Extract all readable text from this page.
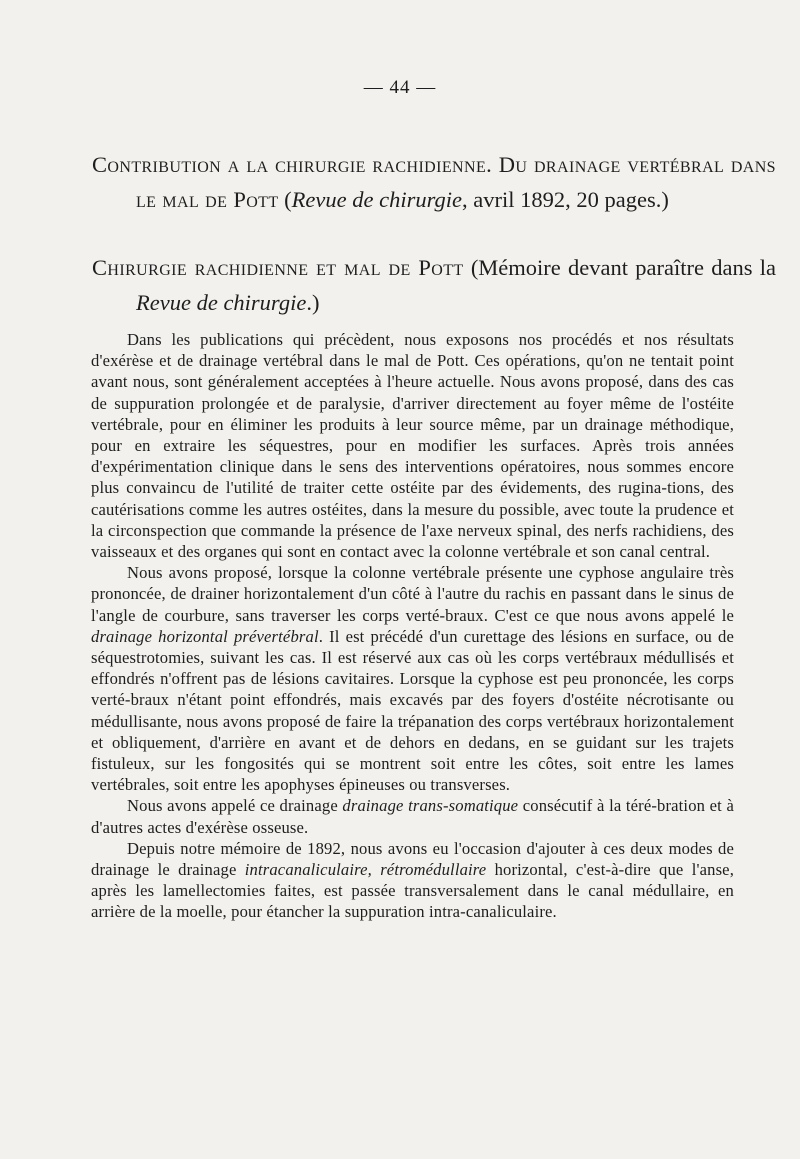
— 44 —
Contribution a la chirurgie rachidienne. Du drainage vertébral dans le mal de Pott (Revue de chirurgie, avril 1892, 20 pages.)
Chirurgie rachidienne et mal de Pott (Mémoire devant paraître dans la Revue de chirurgie.)

Dans les publications qui précèdent, nous exposons nos procédés et nos résultats d'exérèse et de drainage vertébral dans le mal de Pott. Ces opérations, qu'on ne tentait point avant nous, sont généralement acceptées à l'heure actuelle. Nous avons proposé, dans des cas de suppuration prolongée et de paralysie, d'arriver directement au foyer même de l'ostéite vertébrale, pour en éliminer les produits à leur source même, par un drainage méthodique, pour en extraire les séquestres, pour en modifier les surfaces. Après trois années d'expérimentation clinique dans le sens des interventions opératoires, nous sommes encore plus convaincu de l'utilité de traiter cette ostéite par des évidements, des rugina-tions, des cautérisations comme les autres ostéites, dans la mesure du possible, avec toute la prudence et la circonspection que commande la présence de l'axe nerveux spinal, des nerfs rachidiens, des vaisseaux et des organes qui sont en contact avec la colonne vertébrale et son canal central.

Nous avons proposé, lorsque la colonne vertébrale présente une cyphose angulaire très prononcée, de drainer horizontalement d'un côté à l'autre du rachis en passant dans le sinus de l'angle de courbure, sans traverser les corps verté-braux. C'est ce que nous avons appelé le drainage horizontal prévertébral. Il est précédé d'un curettage des lésions en surface, ou de séquestrotomies, suivant les cas. Il est réservé aux cas où les corps vertébraux médullisés et effondrés n'offrent pas de lésions cavitaires. Lorsque la cyphose est peu prononcée, les corps verté-braux n'étant point effondrés, mais excavés par des foyers d'ostéite nécrotisante ou médullisante, nous avons proposé de faire la trépanation des corps vertébraux horizontalement et obliquement, d'arrière en avant et de dehors en dedans, en se guidant sur les trajets fistuleux, sur les fongosités qui se montrent soit entre les côtes, soit entre les lames vertébrales, soit entre les apophyses épineuses ou transverses.

Nous avons appelé ce drainage drainage trans-somatique consécutif à la téré-bration et à d'autres actes d'exérèse osseuse.

Depuis notre mémoire de 1892, nous avons eu l'occasion d'ajouter à ces deux modes de drainage le drainage intracanaliculaire, rétromédullaire horizontal, c'est-à-dire que l'anse, après les lamellectomies faites, est passée transversalement dans le canal médullaire, en arrière de la moelle, pour étancher la suppuration intra-canaliculaire.
